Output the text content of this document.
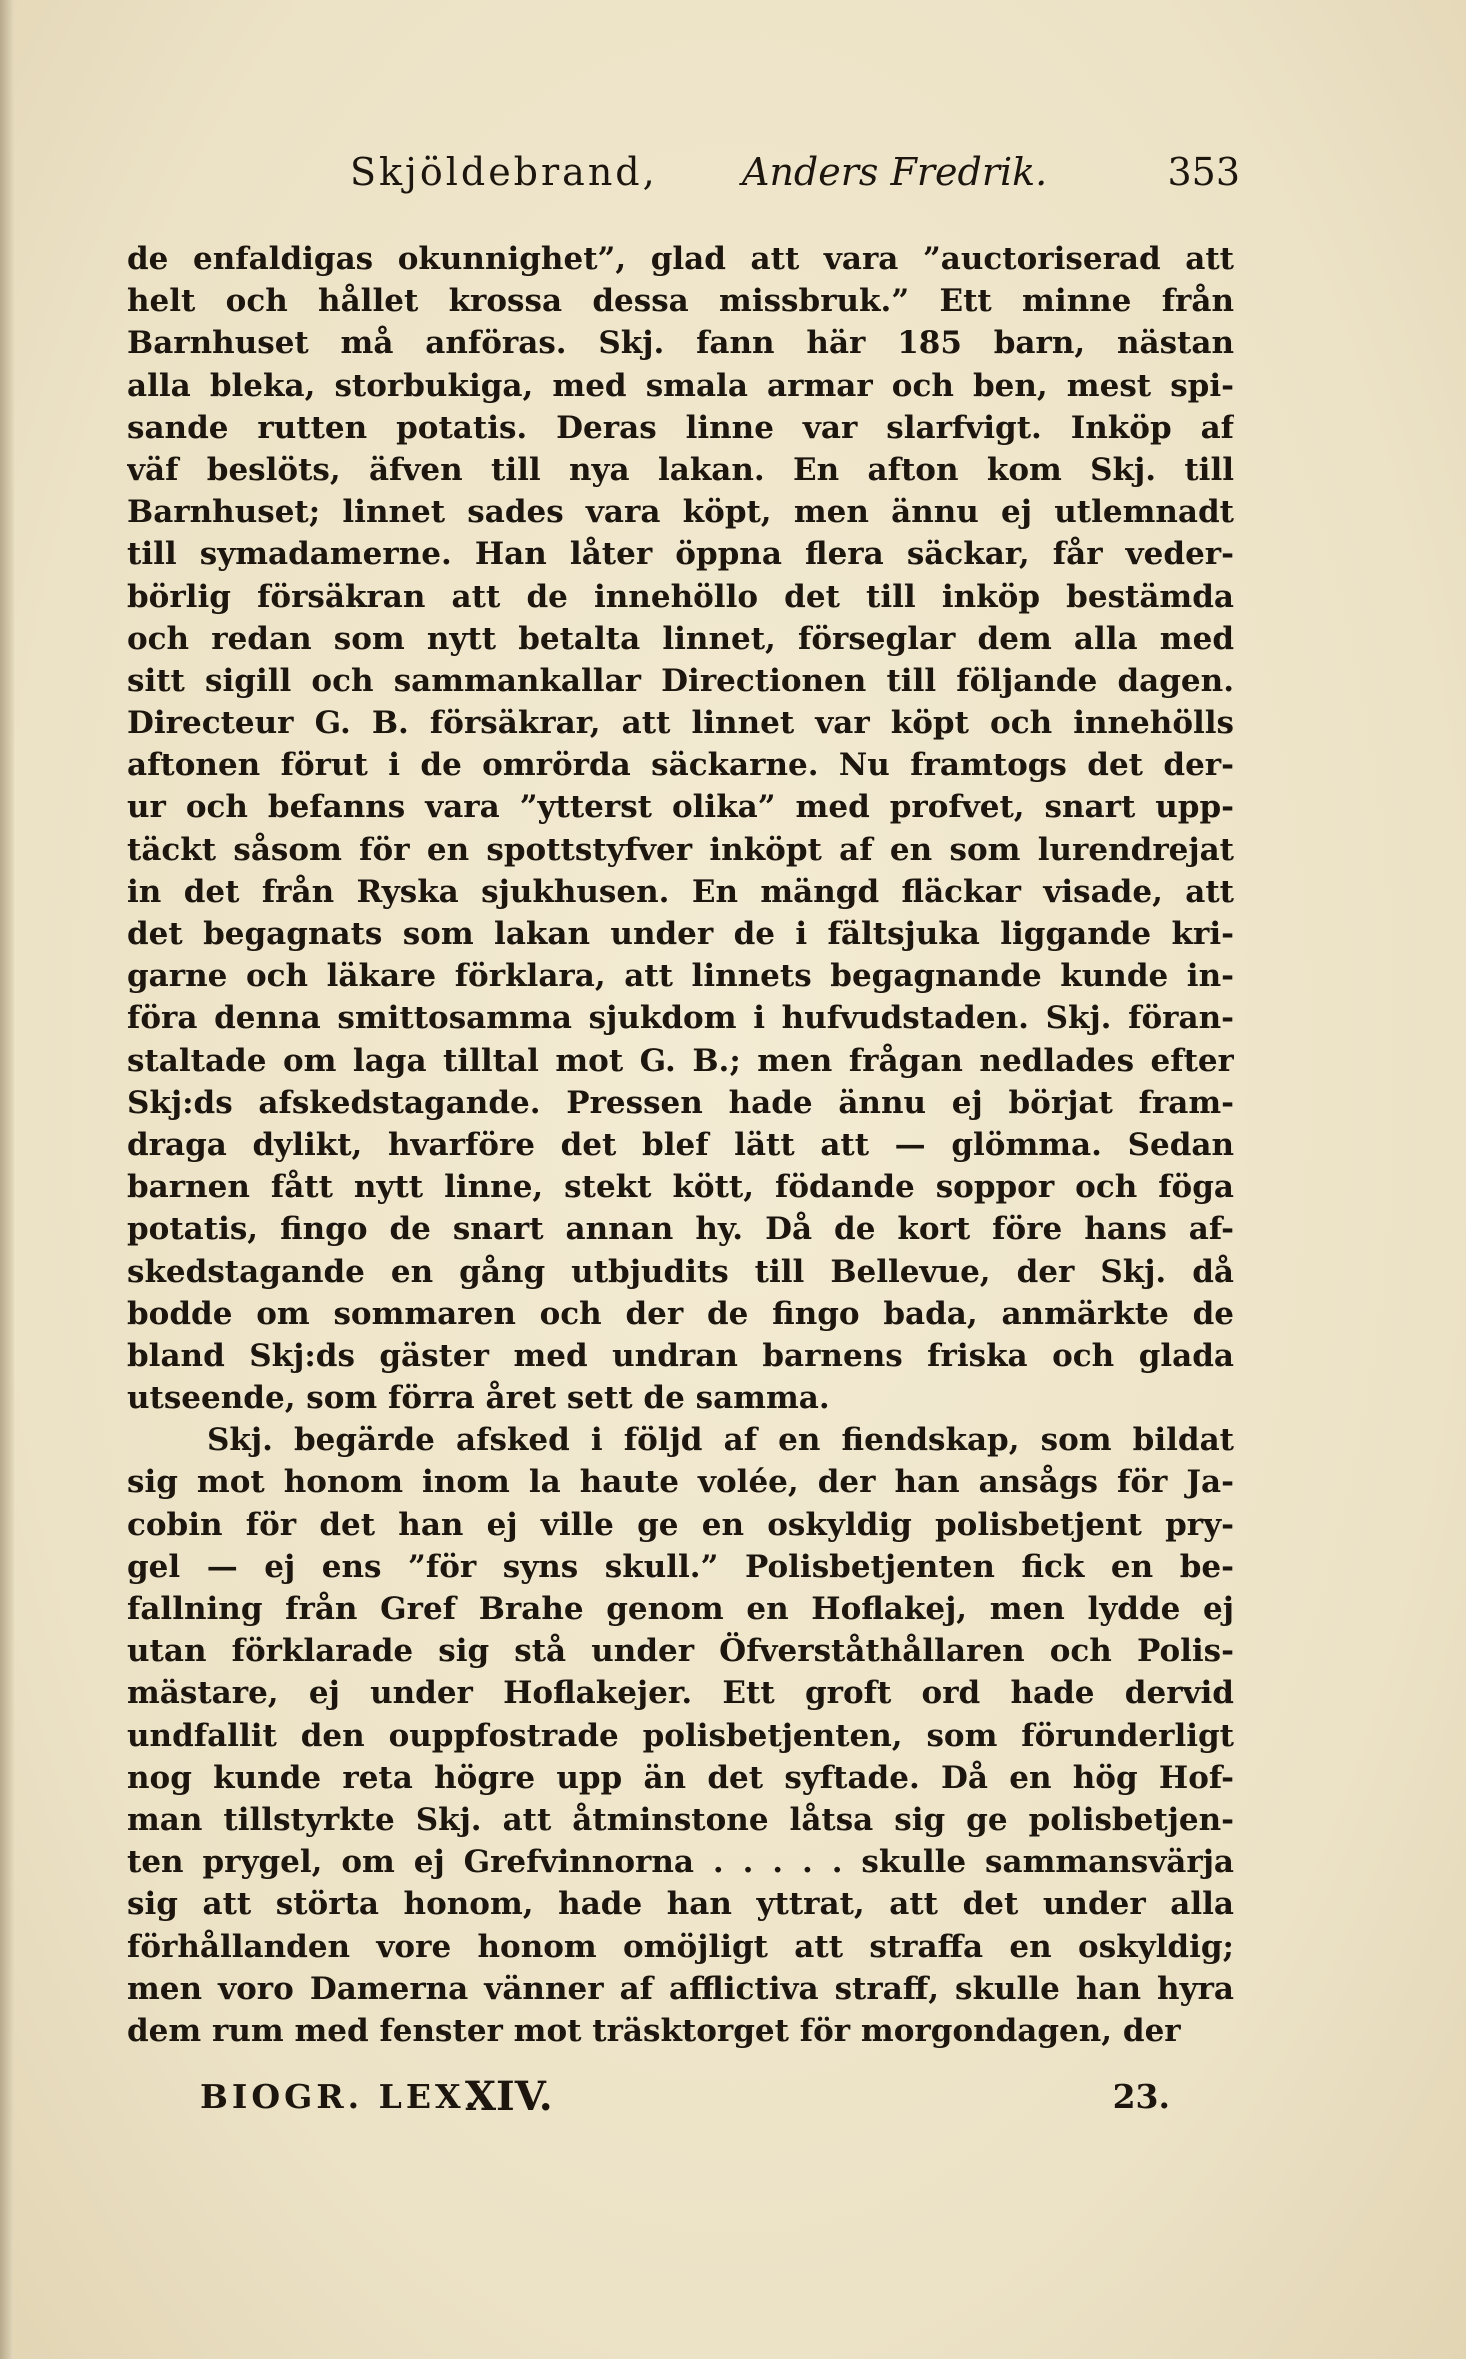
Skjöldebrand, Anders Fredrik.	353
de enfaldigas okunnighet”, glad att vara ”auctoriserad att
helt och hållet krossa dessa missbruk.” Ett minne från
Barnhuset må anföras. Skj. fann här 185 barn, nästan
alla bleka, storbukiga, med smala armar och ben, mest spi-
sande rutten potatis. Deras linne var slarfvigt. Inköp af
väf beslöts, äfven till nya lakan. En afton kom Skj. till
Barnhuset; linnet sades vara köpt, men ännu ej utlemnadt
till symadamerne. Han låter öppna flera säckar, får veder-
börlig försäkran att de innehöllo det till inköp bestämda
och redan som nytt betalta linnet, förseglar dem alla med
sitt sigill och sammankallar Directionen till följande dagen.
Directeur G. B. försäkrar, att linnet var köpt och innehölls
aftonen förut i de omrörda säckarne. Nu framtogs det der-
ur och befanns vara ”ytterst olika” med profvet, snart upp-
täckt såsom för en spottstyfver inköpt af en som lurendrejat
in det från Ryska sjukhusen. En mängd fläckar visade, att
det begagnats som lakan under de i fältsjuka liggande kri-
garne och läkare förklara, att linnets begagnande kunde in-
föra denna smittosamma sjukdom i hufvudstaden. Skj. föran-
staltade om laga tilltal mot G. B.; men frågan nedlades efter
Skj:ds afskedstagande. Pressen hade ännu ej börjat fram-
draga dylikt, hvarföre det blef lätt att — glömma. Sedan
barnen fått nytt linne, stekt kött, födande soppor och föga
potatis, fingo de snart annan hy. Då de kort före hans af-
skedstagande en gång utbjudits till Bellevue, der Skj. då
bodde om sommaren och der de fingo bada, anmärkte de
bland Skj:ds gäster med undran barnens friska och glada
utseende, som förra året sett de samma.
Skj. begärde afsked i följd af en fiendskap, som bildat
sig mot honom inom la haute volée, der han ansågs för Ja-
cobin för det han ej ville ge en oskyldig polisbetjent pry-
gel — ej ens ”för syns skull.” Polisbetjenten fick en be-
fallning från Gref Brahe genom en Hoflakej, men lydde ej
utan förklarade sig stå under Öfverståthållaren och Polis-
mästare, ej under Hoflakejer. Ett groft ord hade dervid
undfallit den ouppfostrade polisbetjenten, som förunderligt
nog kunde reta högre upp än det syftade. Då en hög Hof-
man tillstyrkte Skj. att åtminstone låtsa sig ge polisbetjen-
ten prygel, om ej Grefvinnorna . . . . . skulle sammansvärja
sig att störta honom, hade han yttrat, att det under alla
förhållanden vore honom omöjligt att straffa en oskyldig;
men voro Damerna vänner af afflictiva straff, skulle han hyra
dem rum med fenster mot träsktorget för morgondagen, der
BIOGR. LEX.
XIV.	23.
